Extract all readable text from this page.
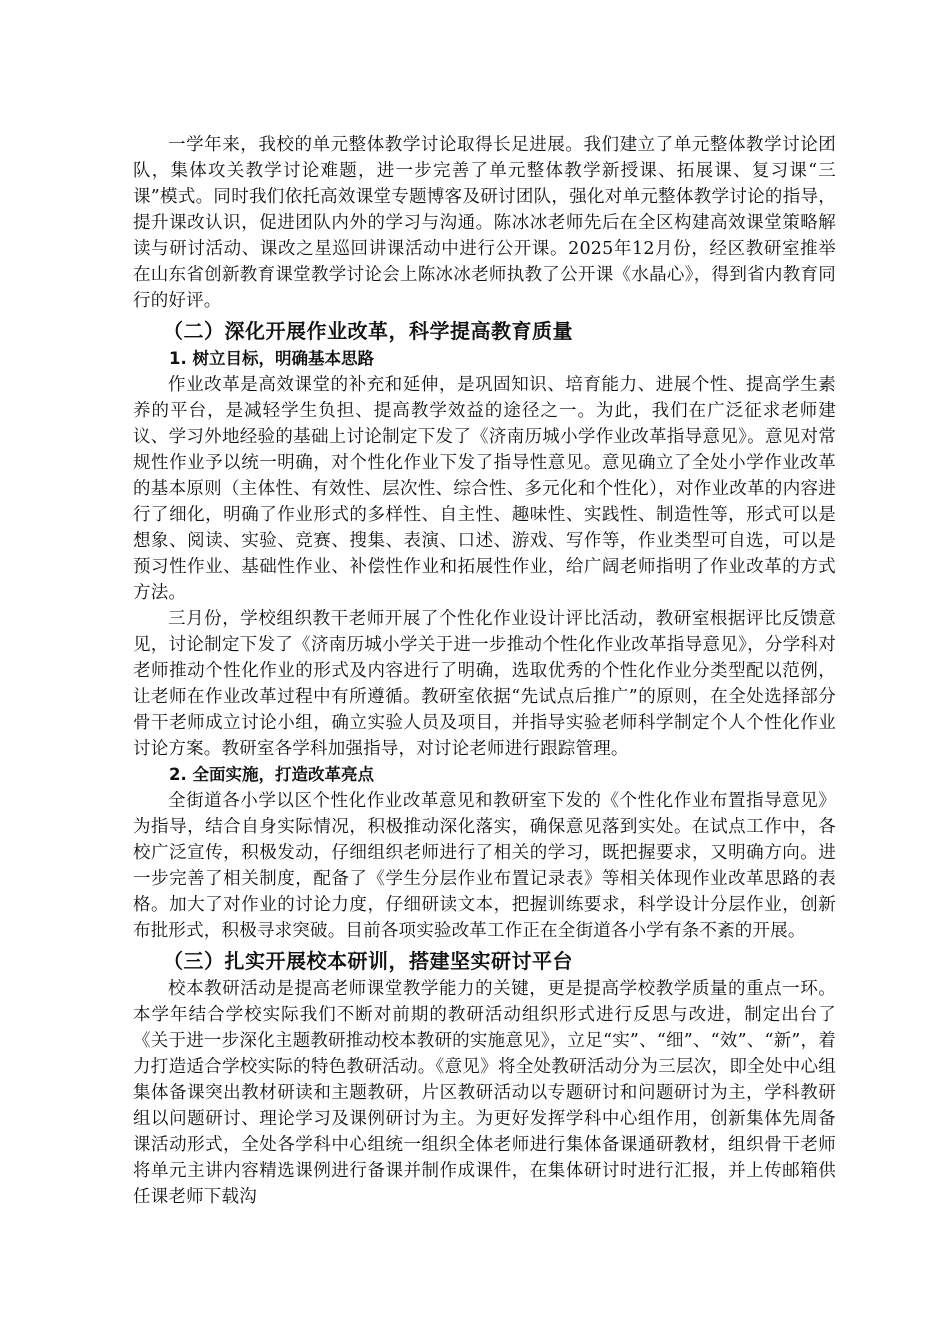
一学年来，我校的单元整体教学讨论取得长足进展。我们建立了单元整体教学讨论团队，集体攻关教学讨论难题，进一步完善了单元整体教学新授课、拓展课、复习课“三课”模式。同时我们依托高效课堂专题博客及研讨团队，强化对单元整体教学讨论的指导，提升课改认识，促进团队内外的学习与沟通。陈冰冰老师先后在全区构建高效课堂策略解读与研讨活动、课改之星巡回讲课活动中进行公开课。2025年12月份，经区教研室推举在山东省创新教育课堂教学讨论会上陈冰冰老师执教了公开课《水晶心》，得到省内教育同行的好评。

（二）深化开展作业改革，科学提高教育质量
1. 树立目标，明确基本思路

作业改革是高效课堂的补充和延伸，是巩固知识、培育能力、进展个性、提高学生素养的平台，是减轻学生负担、提高教学效益的途径之一。为此，我们在广泛征求老师建议、学习外地经验的基础上讨论制定下发了《济南历城小学作业改革指导意见》。意见对常规性作业予以统一明确，对个性化作业下发了指导性意见。意见确立了全处小学作业改革的基本原则（主体性、有效性、层次性、综合性、多元化和个性化），对作业改革的内容进行了细化，明确了作业形式的多样性、自主性、趣味性、实践性、制造性等，形式可以是想象、阅读、实验、竞赛、搜集、表演、口述、游戏、写作等，作业类型可自选，可以是预习性作业、基础性作业、补偿性作业和拓展性作业，给广阔老师指明了作业改革的方式方法。

三月份，学校组织教干老师开展了个性化作业设计评比活动，教研室根据评比反馈意见，讨论制定下发了《济南历城小学关于进一步推动个性化作业改革指导意见》，分学科对老师推动个性化作业的形式及内容进行了明确，选取优秀的个性化作业分类型配以范例，让老师在作业改革过程中有所遵循。教研室依据“先试点后推广”的原则，在全处选择部分骨干老师成立讨论小组，确立实验人员及项目，并指导实验老师科学制定个人个性化作业讨论方案。教研室各学科加强指导，对讨论老师进行跟踪管理。

2. 全面实施，打造改革亮点

全街道各小学以区个性化作业改革意见和教研室下发的《个性化作业布置指导意见》为指导，结合自身实际情况，积极推动深化落实，确保意见落到实处。在试点工作中，各校广泛宣传，积极发动，仔细组织老师进行了相关的学习，既把握要求，又明确方向。进一步完善了相关制度，配备了《学生分层作业布置记录表》等相关体现作业改革思路的表格。加大了对作业的讨论力度，仔细研读文本，把握训练要求，科学设计分层作业，创新布批形式，积极寻求突破。目前各项实验改革工作正在全街道各小学有条不紊的开展。

（三）扎实开展校本研训，搭建坚实研讨平台

校本教研活动是提高老师课堂教学能力的关键，更是提高学校教学质量的重点一环。本学年结合学校实际我们不断对前期的教研活动组织形式进行反思与改进，制定出台了《关于进一步深化主题教研推动校本教研的实施意见》，立足“实”、“细”、“效”、“新”，着力打造适合学校实际的特色教研活动。《意见》将全处教研活动分为三层次，即全处中心组集体备课突出教材研读和主题教研，片区教研活动以专题研讨和问题研讨为主，学科教研组以问题研讨、理论学习及课例研讨为主。为更好发挥学科中心组作用，创新集体先周备课活动形式，全处各学科中心组统一组织全体老师进行集体备课通研教材，组织骨干老师将单元主讲内容精选课例进行备课并制作成课件，在集体研讨时进行汇报，并上传邮箱供任课老师下载沟
